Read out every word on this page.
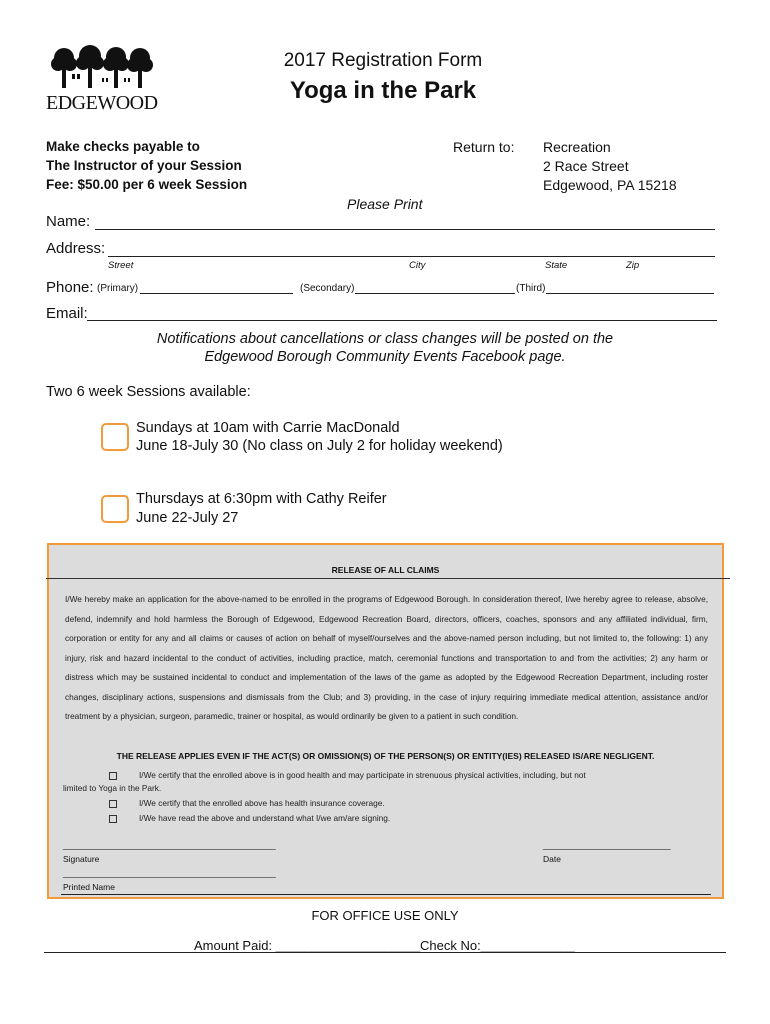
EDGEWOOD
2017 Registration Form
Yoga in the Park
Make checks payable to
The Instructor of your Session
Fee: $50.00 per 6 week Session
Return to: Recreation
2 Race Street
Edgewood, PA 15218
Please Print
Name:
Address:
Street	City	State	Zip
Phone: (Primary)	(Secondary)	(Third)
Email:
Notifications about cancellations or class changes will be posted on the
Edgewood Borough Community Events Facebook page.
Two 6 week Sessions available:
Sundays at 10am with Carrie MacDonald
June 18-July 30 (No class on July 2 for holiday weekend)
Thursdays at 6:30pm with Cathy Reifer
June 22-July 27
RELEASE OF ALL CLAIMS
I/We hereby make an application for the above-named to be enrolled in the programs of Edgewood Borough. In consideration thereof, I/we hereby agree to release, absolve, defend, indemnify and hold harmless the Borough of Edgewood, Edgewood Recreation Board, directors, officers, coaches, sponsors and any affiliated individual, firm, corporation or entity for any and all claims or causes of action on behalf of myself/ourselves and the above-named person including, but not limited to, the following: 1) any injury, risk and hazard incidental to the conduct of activities, including practice, match, ceremonial functions and transportation to and from the activities; 2) any harm or distress which may be sustained incidental to conduct and implementation of the laws of the game as adopted by the Edgewood Recreation Department, including roster changes, disciplinary actions, suspensions and dismissals from the Club; and 3) providing, in the case of injury requiring immediate medical attention, assistance and/or treatment by a physician, surgeon, paramedic, trainer or hospital, as would ordinarily be given to a patient in such condition.
THE RELEASE APPLIES EVEN IF THE ACT(S) OR OMISSION(S) OF THE PERSON(S) OR ENTITY(IES) RELEASED IS/ARE NEGLIGENT.
I/We certify that the enrolled above is in good health and may participate in strenuous physical activities, including, but not
limited to Yoga in the Park.
I/We certify that the enrolled above has health insurance coverage.
I/We have read the above and understand what I/we am/are signing.
_____________________________________________	___________________________
Signature	Date
_____________________________________________
Printed Name
FOR OFFICE USE ONLY
Amount Paid: ____________________ Check No:_____________
